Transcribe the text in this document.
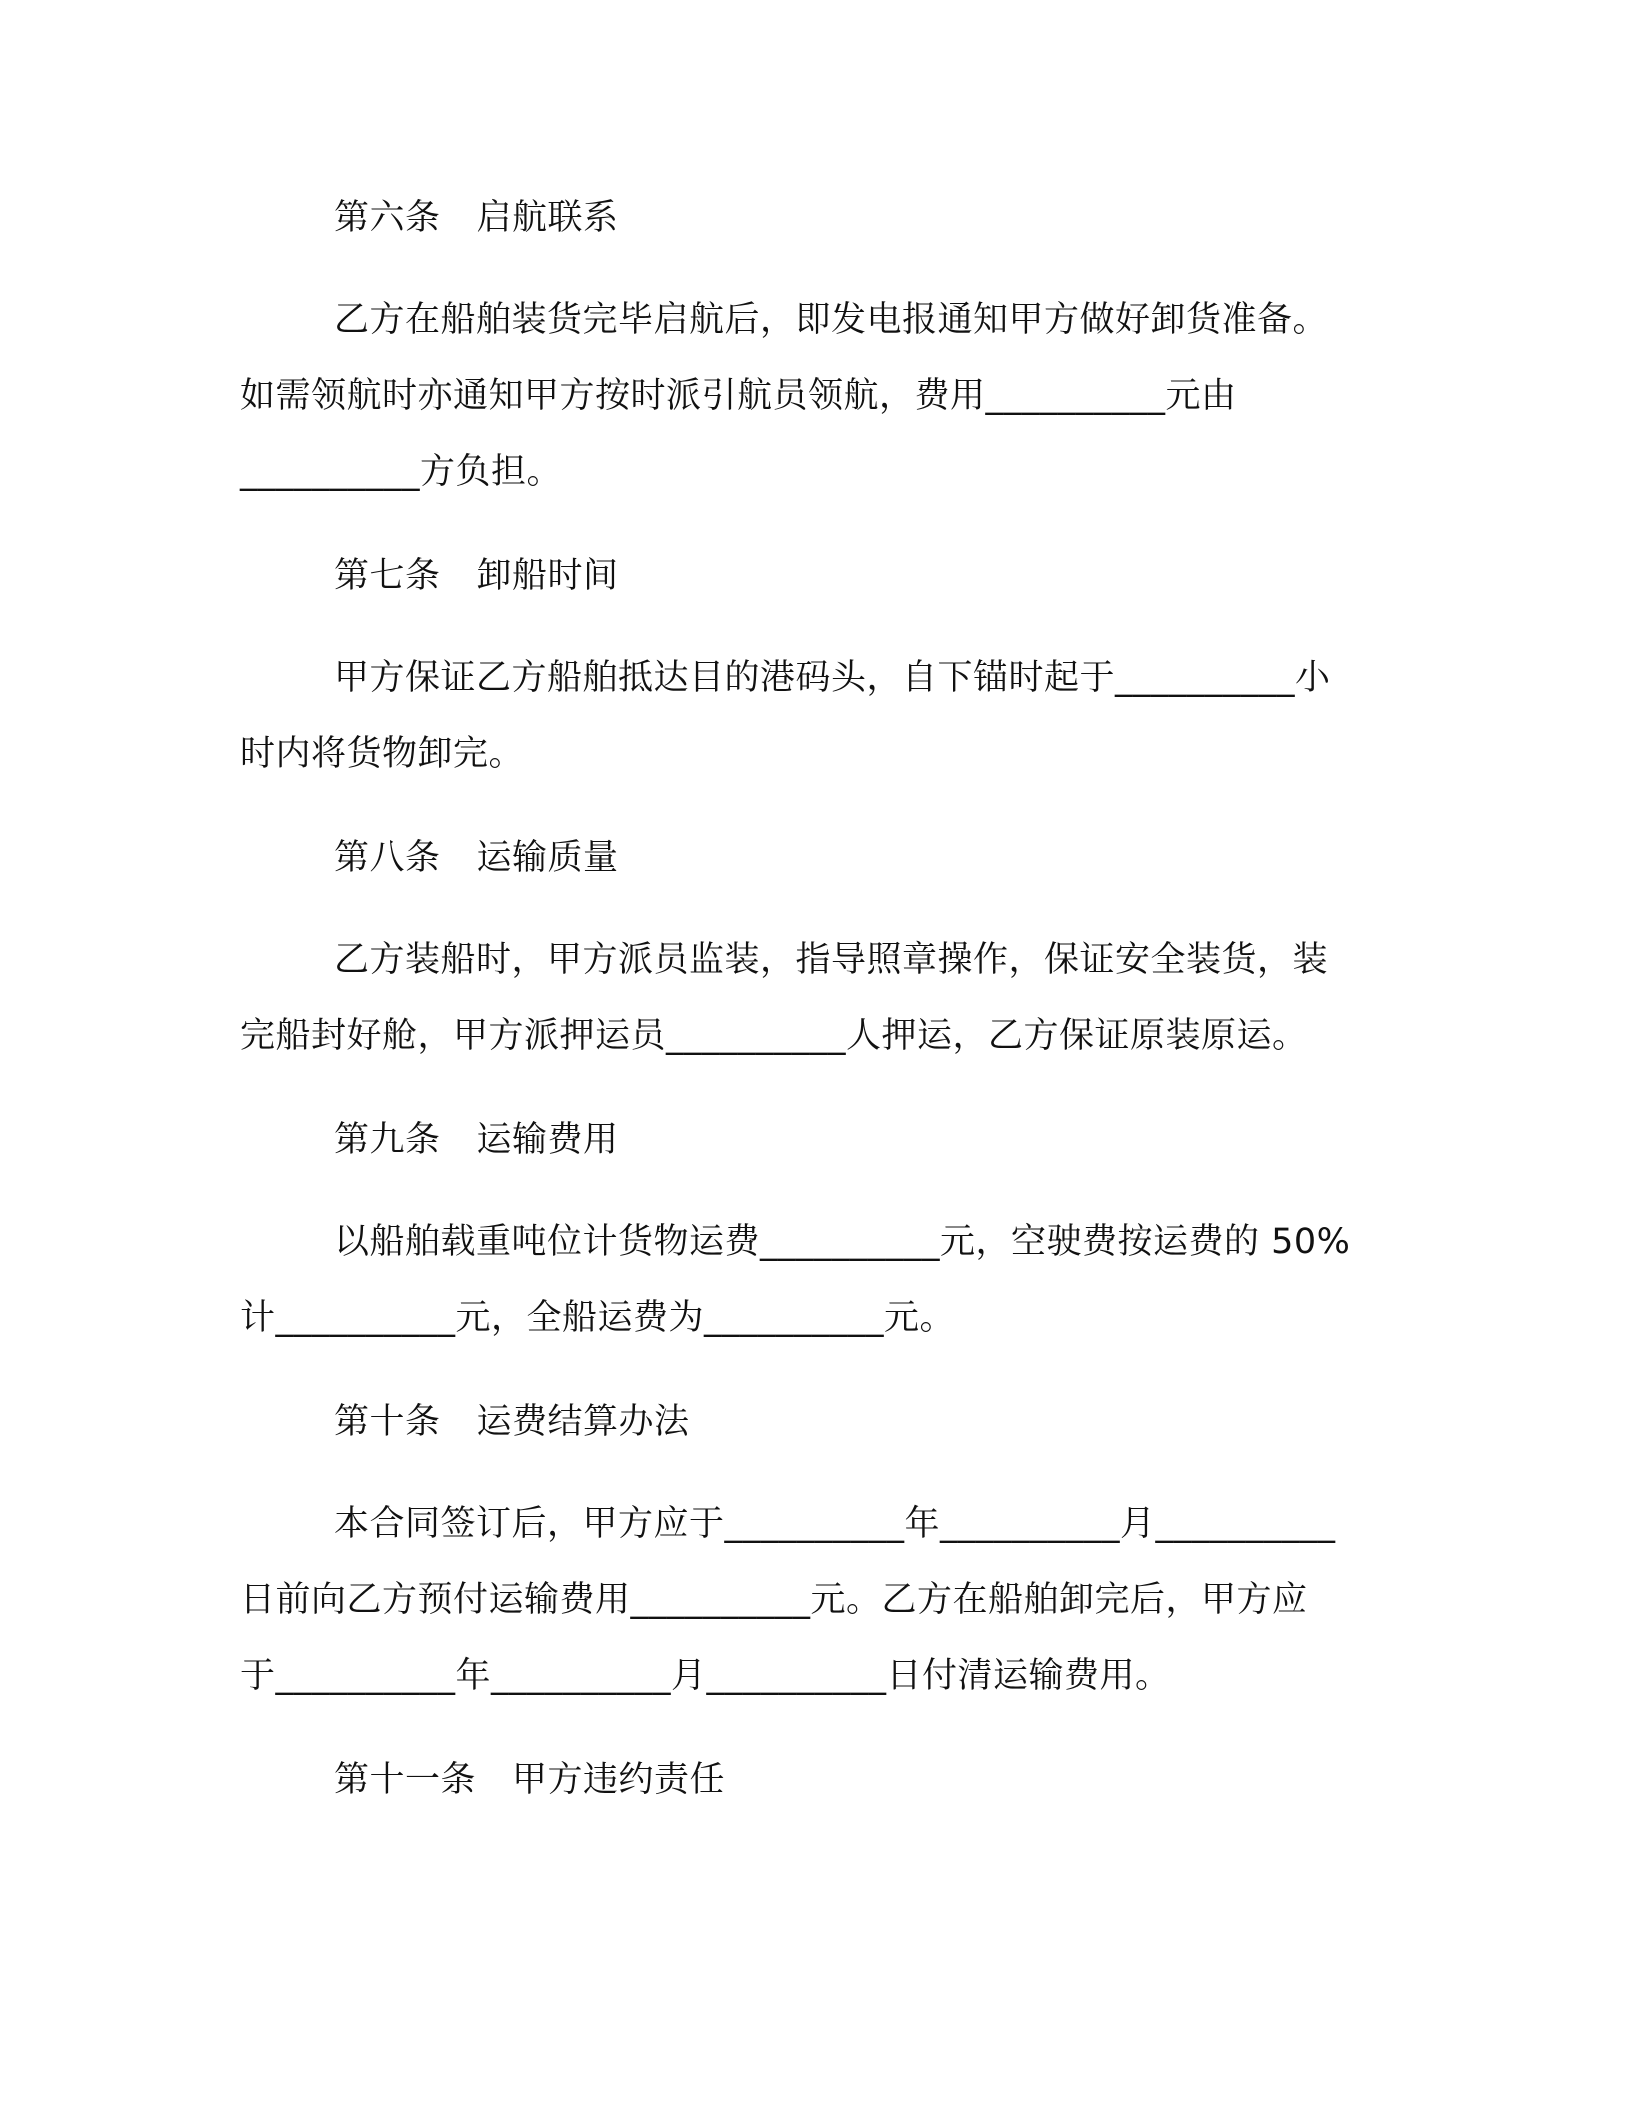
第六条 启航联系
乙方在船舶装货完毕启航后，即发电报通知甲方做好卸货准备。
如需领航时亦通知甲方按时派引航员领航，费用__________元由
__________方负担。
第七条 卸船时间
甲方保证乙方船舶抵达目的港码头，自下锚时起于__________小
时内将货物卸完。
第八条 运输质量
乙方装船时，甲方派员监装，指导照章操作，保证安全装货，装
完船封好舱，甲方派押运员__________人押运，乙方保证原装原运。
第九条 运输费用
以船舶载重吨位计货物运费__________元，空驶费按运费的 50%
计__________元，全船运费为__________元。
第十条 运费结算办法
本合同签订后，甲方应于__________年__________月__________
日前向乙方预付运输费用__________元。乙方在船舶卸完后，甲方应
于__________年__________月__________日付清运输费用。
第十一条 甲方违约责任
